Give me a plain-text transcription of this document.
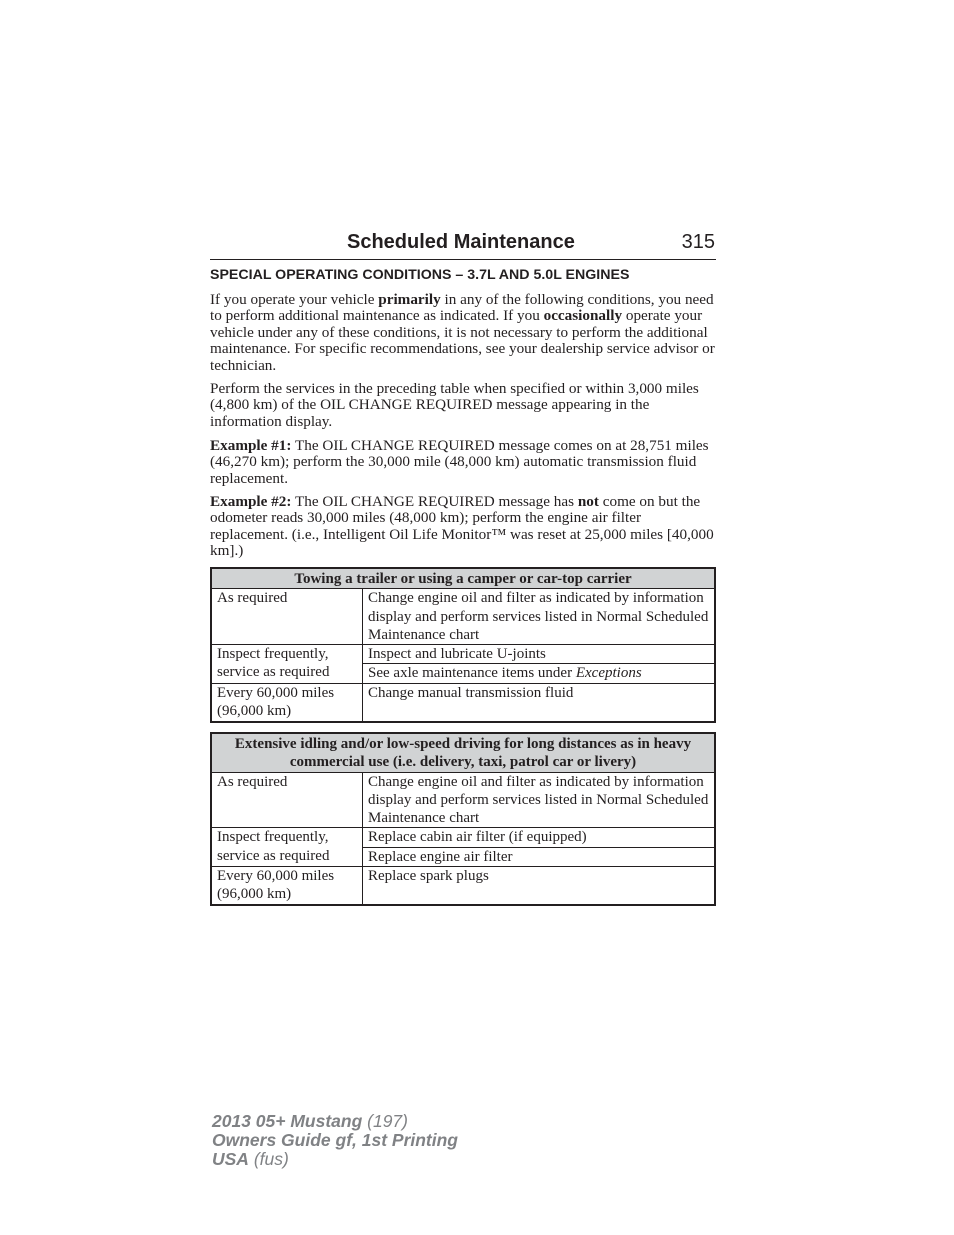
Scheduled Maintenance	315
SPECIAL OPERATING CONDITIONS – 3.7L AND 5.0L ENGINES
If you operate your vehicle primarily in any of the following conditions, you need to perform additional maintenance as indicated. If you occasionally operate your vehicle under any of these conditions, it is not necessary to perform the additional maintenance. For specific recommendations, see your dealership service advisor or technician.
Perform the services in the preceding table when specified or within 3,000 miles (4,800 km) of the OIL CHANGE REQUIRED message appearing in the information display.
Example #1: The OIL CHANGE REQUIRED message comes on at 28,751 miles (46,270 km); perform the 30,000 mile (48,000 km) automatic transmission fluid replacement.
Example #2: The OIL CHANGE REQUIRED message has not come on but the odometer reads 30,000 miles (48,000 km); perform the engine air filter replacement. (i.e., Intelligent Oil Life Monitor™ was reset at 25,000 miles [40,000 km].)
Towing a trailer or using a camper or car-top carrier	
As required	Change engine oil and filter as indicated by information display and perform services listed in Normal Scheduled Maintenance chart
Inspect frequently, service as required	Inspect and lubricate U-joints
	See axle maintenance items under Exceptions
Every 60,000 miles (96,000 km)	Change manual transmission fluid
Extensive idling and/or low-speed driving for long distances as in heavy commercial use (i.e. delivery, taxi, patrol car or livery)	
As required	Change engine oil and filter as indicated by information display and perform services listed in Normal Scheduled Maintenance chart
Inspect frequently, service as required	Replace cabin air filter (if equipped)
	Replace engine air filter
Every 60,000 miles (96,000 km)	Replace spark plugs
2013 05+ Mustang (197)
Owners Guide gf, 1st Printing
USA (fus)
